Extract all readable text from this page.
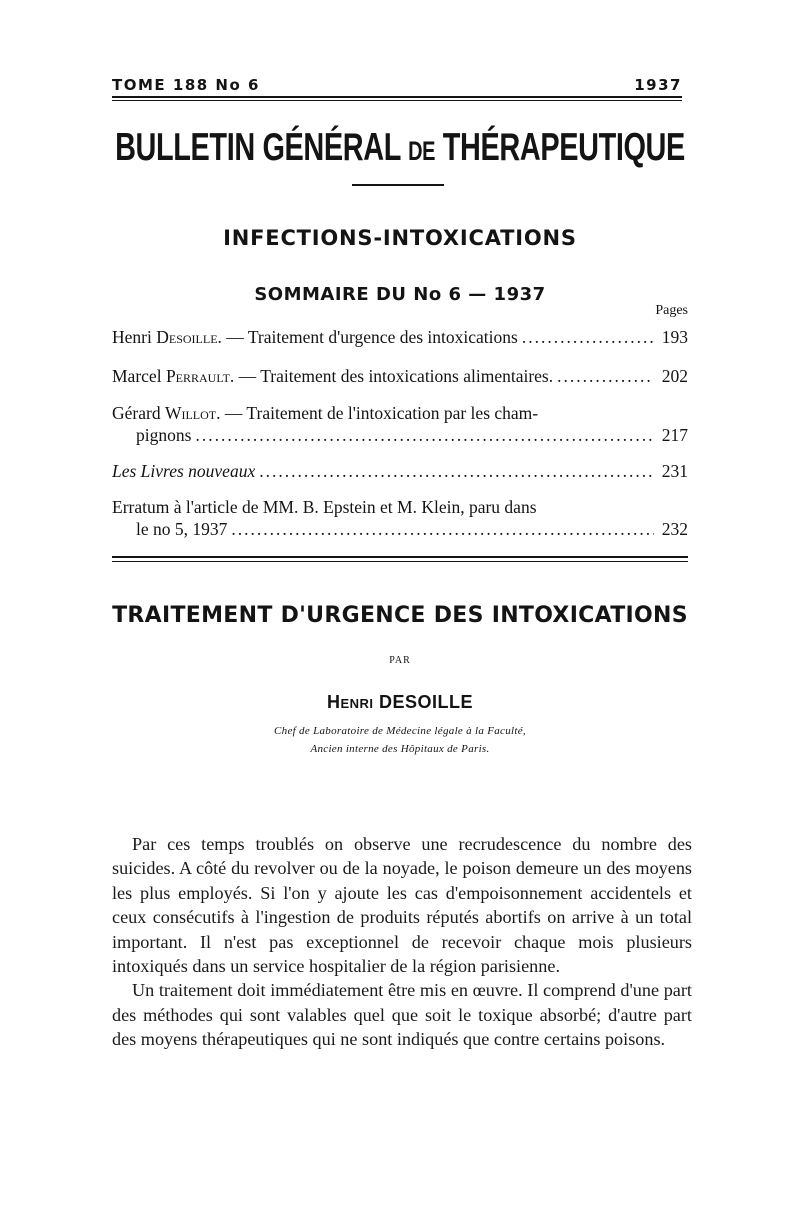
TOME 188 No 6	1937
BULLETIN GÉNÉRAL DE THÉRAPEUTIQUE
INFECTIONS-INTOXICATIONS
SOMMAIRE DU No 6 — 1937
Pages
Henri Desoille. — Traitement d'urgence des intoxications .....	193
Marcel Perrault. — Traitement des intoxications alimentaires. .....	202
Gérard Willot. — Traitement de l'intoxication par les cham-
pignons .....	217
Les Livres nouveaux .....	231
Erratum à l'article de MM. B. Epstein et M. Klein, paru dans
le no 5, 1937 .....	232
TRAITEMENT D'URGENCE DES INTOXICATIONS
PAR
Henri DESOILLE
Chef de Laboratoire de Médecine légale à la Faculté,
Ancien interne des Hôpitaux de Paris.

Par ces temps troublés on observe une recrudescence du nombre des suicides. A côté du revolver ou de la noyade, le poison demeure un des moyens les plus employés. Si l'on y ajoute les cas d'empoisonnement accidentels et ceux consécutifs à l'ingestion de produits réputés abortifs on arrive à un total important. Il n'est pas exceptionnel de recevoir chaque mois plusieurs intoxiqués dans un service hospitalier de la région parisienne.

Un traitement doit immédiatement être mis en œuvre. Il comprend d'une part des méthodes qui sont valables quel que soit le toxique absorbé; d'autre part des moyens thérapeutiques qui ne sont indiqués que contre certains poisons.
